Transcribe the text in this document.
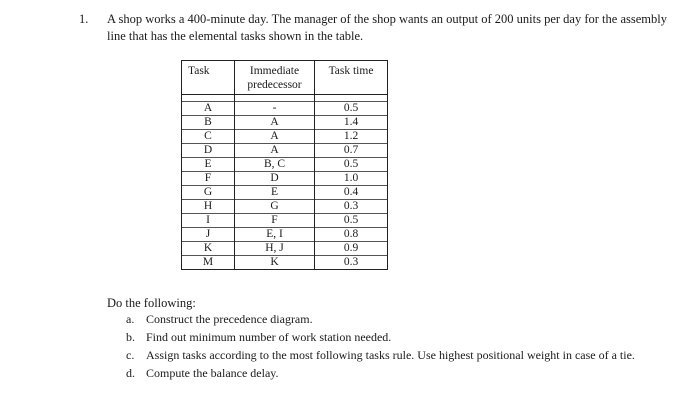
1. A shop works a 400-minute day. The manager of the shop wants an output of 200 units per day for the assembly line that has the elemental tasks shown in the table.
Task	Immediate predecessor	Task time

A	-	0.5
B	A	1.4
C	A	1.2
D	A	0.7
E	B, C	0.5
F	D	1.0
G	E	0.4
H	G	0.3
I	F	0.5
J	E, I	0.8
K	H, J	0.9
M	K	0.3
Do the following:
a. Construct the precedence diagram.
b. Find out minimum number of work station needed.
c. Assign tasks according to the most following tasks rule. Use highest positional weight in case of a tie.
d. Compute the balance delay.
